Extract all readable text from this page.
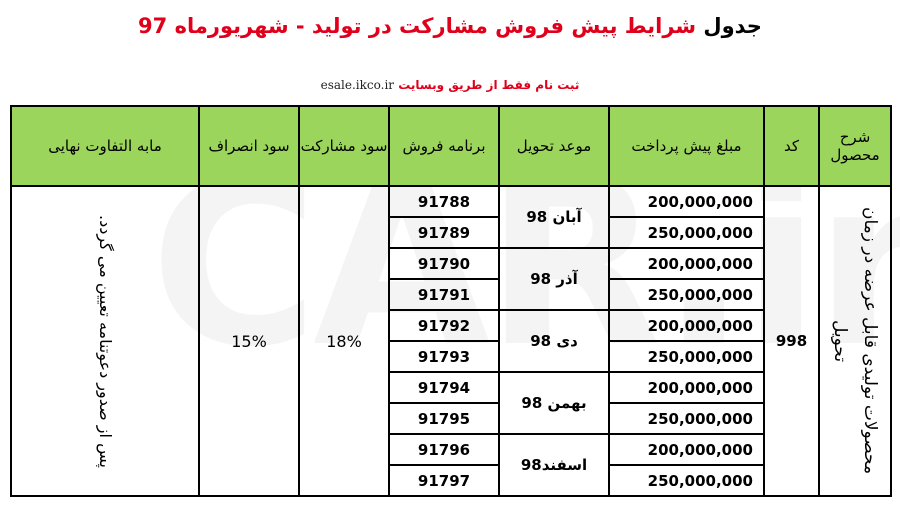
جدول شرایط پیش فروش مشارکت در تولید - شهریورماه 97
ثبت نام فقط از طریق وبسایت esale.ikco.ir
مابه التفاوت نهایی	سود انصراف	سود مشارکت	برنامه فروش	موعد تحویل	مبلغ پیش پرداخت	کد	شرح محصول

پس از صدور دعوتنامه تعیین می گردد.	15%	18%	91788	آبان 98	200,000,000	998	محصولات تولیدی قابل عرضه در زمان تحویل

			91789		250,000,000		
			91790	آذر 98	200,000,000		
			91791		250,000,000		
			91792	دی 98	200,000,000		
			91793		250,000,000		
			91794	بهمن 98	200,000,000		
			91795		250,000,000		
			91796	اسفند98	200,000,000		
			91797		250,000,000		
